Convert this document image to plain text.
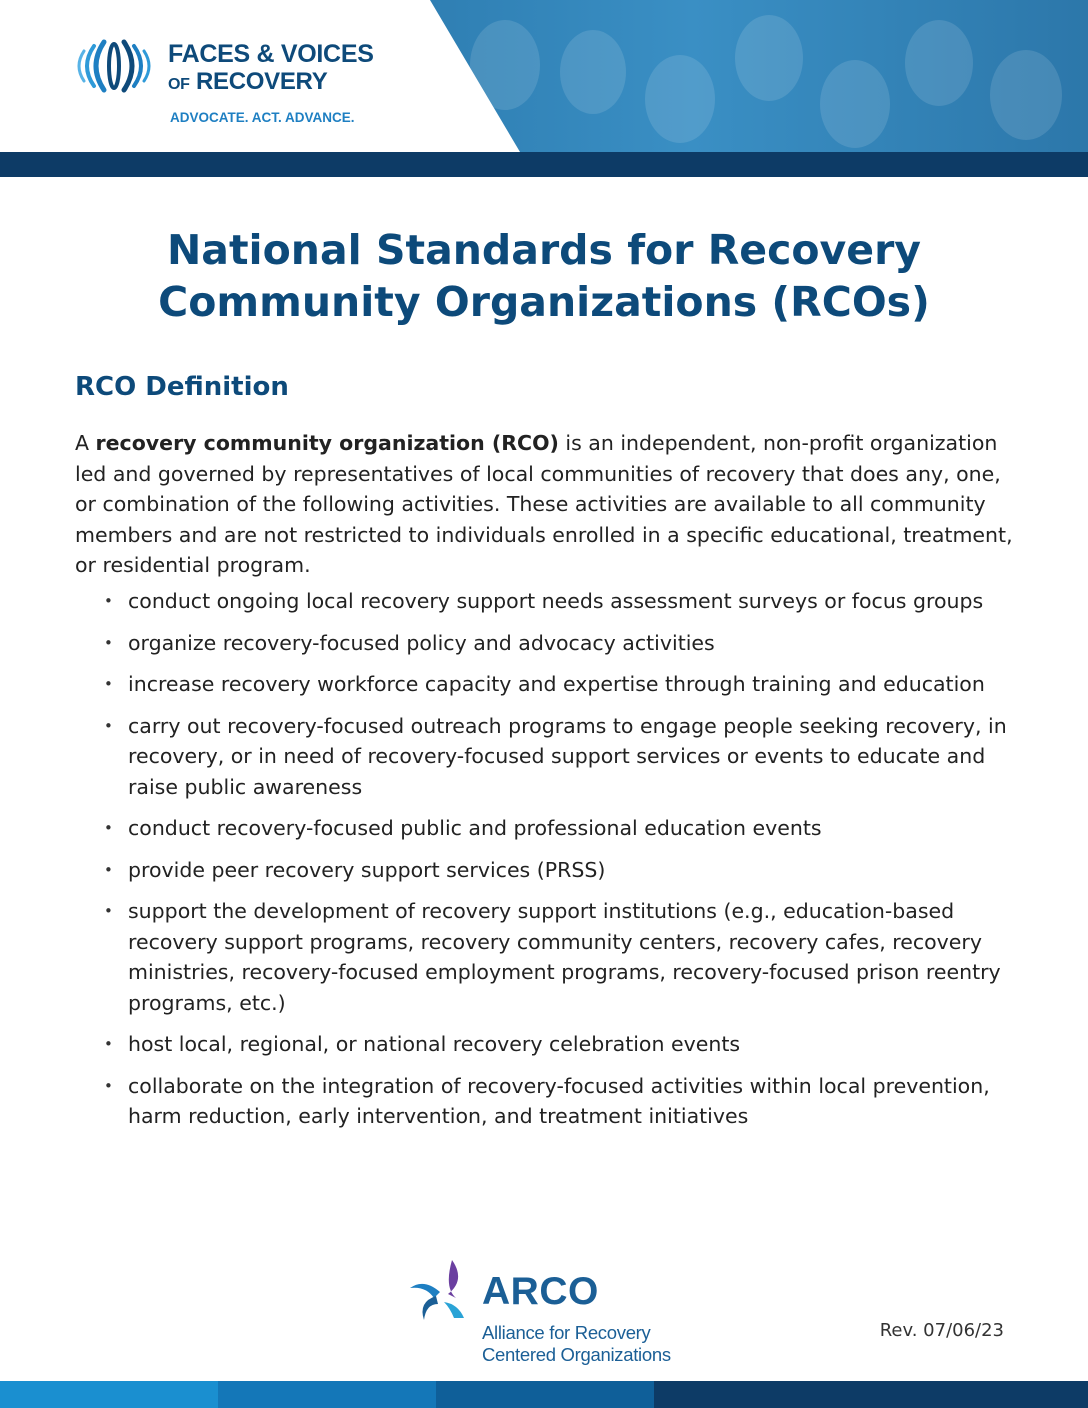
FACES & VOICES
OF RECOVERY
ADVOCATE. ACT. ADVANCE.
National Standards for Recovery
Community Organizations (RCOs)
RCO Definition

A recovery community organization (RCO) is an independent, non-profit organization led and governed by representatives of local communities of recovery that does any, one, or combination of the following activities. These activities are available to all community members and are not restricted to individuals enrolled in a specific educational, treatment, or residential program.

• conduct ongoing local recovery support needs assessment surveys or focus groups
• organize recovery-focused policy and advocacy activities
• increase recovery workforce capacity and expertise through training and education
• carry out recovery-focused outreach programs to engage people seeking recovery, in recovery, or in need of recovery-focused support services or events to educate and raise public awareness
• conduct recovery-focused public and professional education events
• provide peer recovery support services (PRSS)
• support the development of recovery support institutions (e.g., education-based recovery support programs, recovery community centers, recovery cafes, recovery ministries, recovery-focused employment programs, recovery-focused prison reentry programs, etc.)
• host local, regional, or national recovery celebration events
• collaborate on the integration of recovery-focused activities within local prevention, harm reduction, early intervention, and treatment initiatives
ARCO
Alliance for Recovery
Centered Organizations
Rev. 07/06/23
